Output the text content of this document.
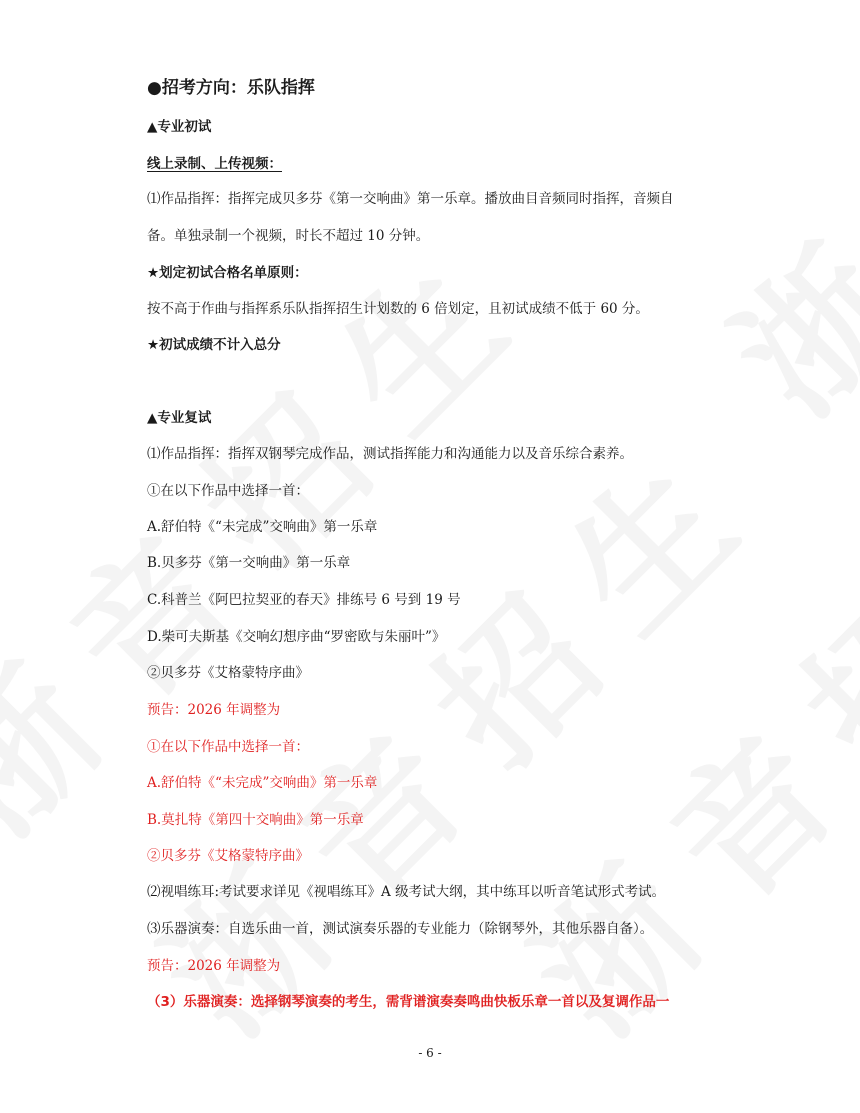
●招考方向：乐队指挥
▲专业初试
线上录制、上传视频：
⑴作品指挥：指挥完成贝多芬《第一交响曲》第一乐章。播放曲目音频同时指挥，音频自
备。单独录制一个视频，时长不超过 10 分钟。
★划定初试合格名单原则：
按不高于作曲与指挥系乐队指挥招生计划数的 6 倍划定，且初试成绩不低于 60 分。
★初试成绩不计入总分
▲专业复试
⑴作品指挥：指挥双钢琴完成作品，测试指挥能力和沟通能力以及音乐综合素养。
①在以下作品中选择一首：
A.舒伯特《“未完成”交响曲》第一乐章
B.贝多芬《第一交响曲》第一乐章
C.科普兰《阿巴拉契亚的春天》排练号 6 号到 19 号
D.柴可夫斯基《交响幻想序曲“罗密欧与朱丽叶”》
②贝多芬《艾格蒙特序曲》
预告：2026 年调整为
①在以下作品中选择一首：
A.舒伯特《“未完成”交响曲》第一乐章
B.莫扎特《第四十交响曲》第一乐章
②贝多芬《艾格蒙特序曲》
⑵视唱练耳:考试要求详见《视唱练耳》A 级考试大纲，其中练耳以听音笔试形式考试。
⑶乐器演奏：自选乐曲一首，测试演奏乐器的专业能力（除钢琴外，其他乐器自备）。
预告：2026 年调整为
（3）乐器演奏：选择钢琴演奏的考生，需背谱演奏奏鸣曲快板乐章一首以及复调作品一
- 6 -
